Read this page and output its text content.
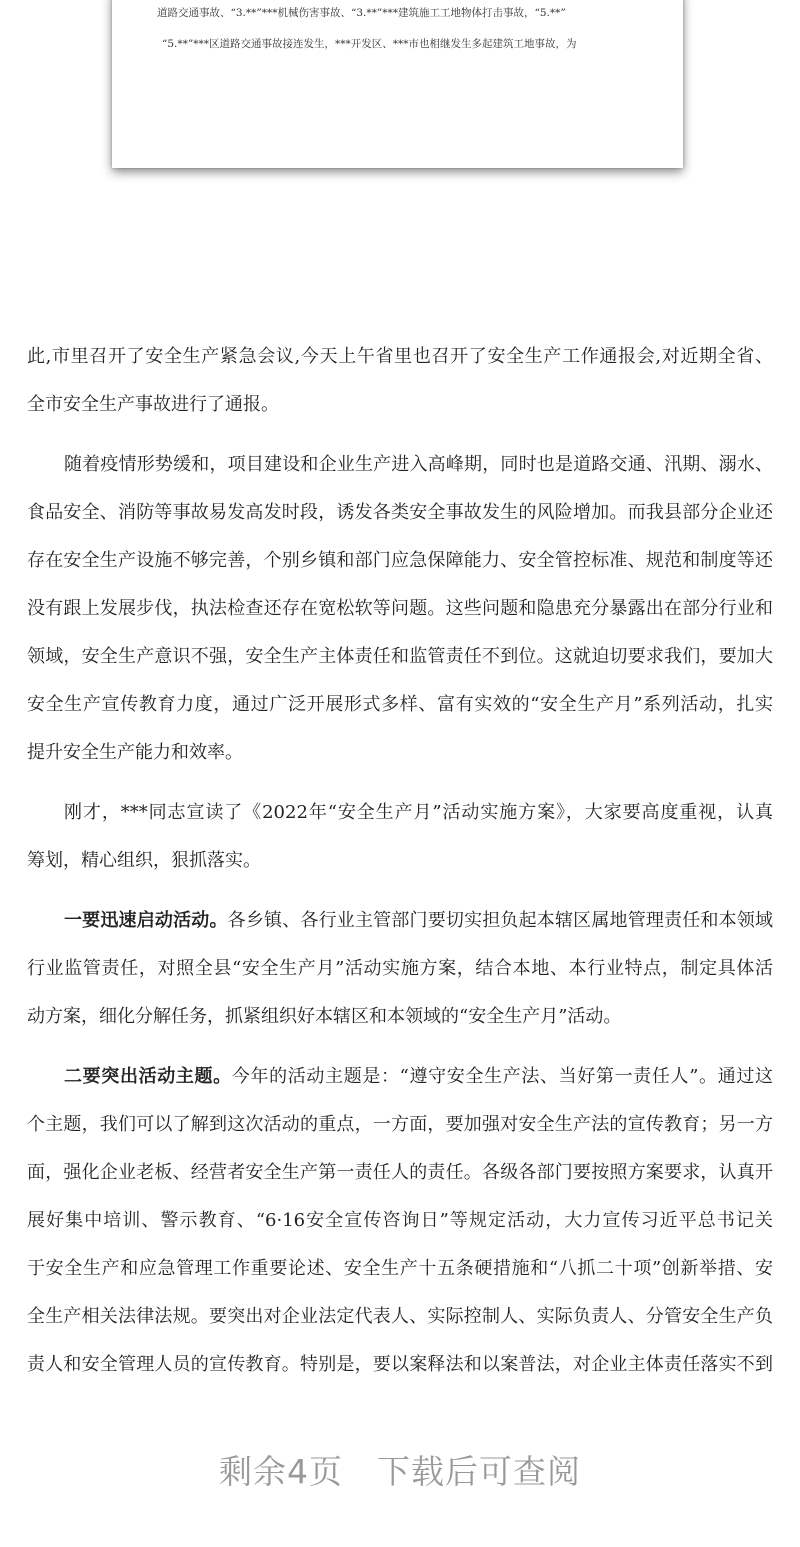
道路交通事故、“3.**”***机械伤害事故、“3.**”***建筑施工工地物体打击事故，“5.**”
“5.**”***区道路交通事故接连发生，***开发区、***市也相继发生多起建筑工地事故，为
此,市里召开了安全生产紧急会议,今天上午省里也召开了安全生产工作通报会,对近期全省、
全市安全生产事故进行了通报。
随着疫情形势缓和，项目建设和企业生产进入高峰期，同时也是道路交通、汛期、溺水、
食品安全、消防等事故易发高发时段，诱发各类安全事故发生的风险增加。而我县部分企业还
存在安全生产设施不够完善，个别乡镇和部门应急保障能力、安全管控标准、规范和制度等还
没有跟上发展步伐，执法检查还存在宽松软等问题。这些问题和隐患充分暴露出在部分行业和
领域，安全生产意识不强，安全生产主体责任和监管责任不到位。这就迫切要求我们，要加大
安全生产宣传教育力度，通过广泛开展形式多样、富有实效的“安全生产月”系列活动，扎实
提升安全生产能力和效率。
刚才，***同志宣读了《2022年“安全生产月”活动实施方案》，大家要高度重视，认真
筹划，精心组织，狠抓落实。
一要迅速启动活动。各乡镇、各行业主管部门要切实担负起本辖区属地管理责任和本领域
行业监管责任，对照全县“安全生产月”活动实施方案，结合本地、本行业特点，制定具体活
动方案，细化分解任务，抓紧组织好本辖区和本领域的“安全生产月”活动。
二要突出活动主题。今年的活动主题是：“遵守安全生产法、当好第一责任人”。通过这
个主题，我们可以了解到这次活动的重点，一方面，要加强对安全生产法的宣传教育；另一方
面，强化企业老板、经营者安全生产第一责任人的责任。各级各部门要按照方案要求，认真开
展好集中培训、警示教育、“6·16安全宣传咨询日”等规定活动，大力宣传习近平总书记关
于安全生产和应急管理工作重要论述、安全生产十五条硬措施和“八抓二十项”创新举措、安
全生产相关法律法规。要突出对企业法定代表人、实际控制人、实际负责人、分管安全生产负
责人和安全管理人员的宣传教育。特别是，要以案释法和以案普法，对企业主体责任落实不到
剩余4页 下载后可查阅
